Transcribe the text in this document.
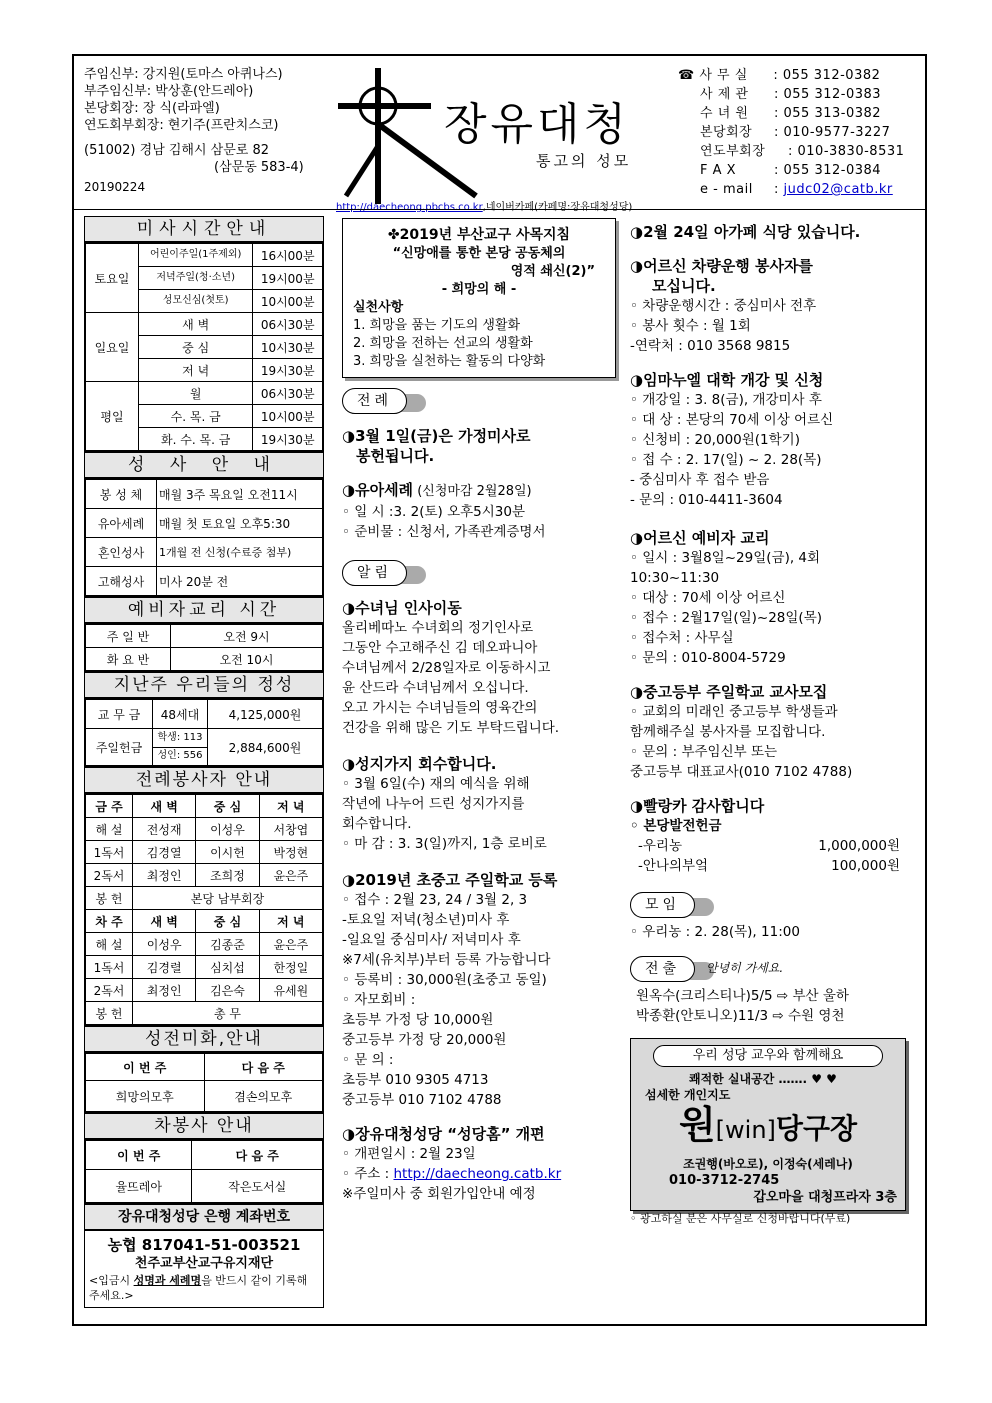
주임신부: 강지원(토마스 아퀴나스)
부주임신부: 박상훈(안드레아)
본당회장: 장 식(라파엘)
연도회부회장: 현기주(프란치스코)
(51002) 경남 김해시 삼문로 82
(삼문동 583-4)
20190224
장유대청
통고의 성모
http://daecheong.pbcbs.co.kr,네이버카페(카페명:장유대청성당)
☎ 사 무 실 : 055 312-0382
사 제 관 : 055 312-0383
수 녀 원 : 055 313-0382
본당회장 : 010-9577-3227
연도부회장 : 010-3830-8531
F A X	: 055 312-0384
e - mail : judc02@catb.kr
미사시간안내
토요일	어린이주일(1주제외)	16시00분
	저녁주일(청·소년)	19시00분
	성모신심(첫토)	10시00분
일요일	새 벽	06시30분
	중 심	10시30분
	저 녁	19시30분
평일	월	06시30분
	수. 목. 금	10시00분
	화. 수. 목. 금	19시30분
성 사 안 내
봉 성 체	매월 3주 목요일 오전11시
유아세례	매월 첫 토요일 오후5:30
혼인성사	1개월 전 신청(수료증 첨부)
고해성사	미사 20분 전
예비자교리 시간
주 일 반	오전 9시
화 요 반	오전 10시
지난주 우리들의 정성
교 무 금	48세대	4,125,000원
주일헌금	학생: 113	2,884,600원
	성인: 556	
전례봉사자 안내
금 주	새 벽	중 심	저 녁
해 설	전성재	이성우	서창엽
1독서	김경열	이시헌	박정현
2독서	최정인	조희정	윤은주
봉 헌	본당 남부회장		
차 주	새 벽	중 심	저 녁
해 설	이성우	김종준	윤은주
1독서	김경렬	심치섭	한정일
2독서	최정인	김은숙	유세원
봉 헌	총 무		
성전미화,안내
이 번 주	다 음 주
희망의모후	겸손의모후
차봉사 안내
이 번 주	다 음 주
율뜨레아	작은도서실
장유대청성당 은행 계좌번호
농협 817041-51-003521
천주교부산교구유지재단
<입금시 성명과 세례명을 반드시 같이 기록해 주세요.>
✤2019년 부산교구 사목지침
“신망애를 통한 본당 공동체의
영적 쇄신(2)”
- 희망의 해 -
실천사항
1. 희망을 품는 기도의 생활화
2. 희망을 전하는 선교의 생활화
3. 희망을 실천하는 활동의 다양화
전례
◑3월 1일(금)은 가정미사로
봉헌됩니다.
◑유아세례 (신청마감 2월28일)
◦ 일 시 :3. 2(토) 오후5시30분
◦ 준비물 : 신청서, 가족관계증명서
알림
◑수녀님 인사이동
올리베따노 수녀회의 정기인사로
그동안 수고해주신 김 데오파니아
수녀님께서 2/28일자로 이동하시고
윤 산드라 수녀님께서 오십니다.
오고 가시는 수녀님들의 영육간의
건강을 위해 많은 기도 부탁드립니다.
◑성지가지 회수합니다.
◦ 3월 6일(수) 재의 예식을 위해
작년에 나누어 드린 성지가지를
회수합니다.
◦ 마 감 : 3. 3(일)까지, 1층 로비로
◑2019년 초중고 주일학교 등록
◦ 접수 : 2월 23, 24 / 3월 2, 3
-토요일 저녁(청소년)미사 후
-일요일 중심미사/ 저녁미사 후
※7세(유치부)부터 등록 가능합니다
◦ 등록비 : 30,000원(초중고 동일)
◦ 자모회비 :
초등부 가정 당 10,000원
중고등부 가정 당 20,000원
◦ 문 의 :
초등부 010 9305 4713
중고등부 010 7102 4788
◑장유대청성당 “성당홈” 개편
◦ 개편일시 : 2월 23일
◦ 주소 : http://daecheong.catb.kr
※주일미사 중 회원가입안내 예정
◑2월 24일 아가페 식당 있습니다.
◑어르신 차량운행 봉사자를
모십니다.
◦ 차량운행시간 : 중심미사 전후
◦ 봉사 횟수 : 월 1회
-연락처 : 010 3568 9815
◑임마누엘 대학 개강 및 신청
◦ 개강일 : 3. 8(금), 개강미사 후
◦ 대 상 : 본당의 70세 이상 어르신
◦ 신청비 : 20,000원(1학기)
◦ 접 수 : 2. 17(일) ~ 2. 28(목)
- 중심미사 후 접수 받음
- 문의 : 010-4411-3604
◑어르신 예비자 교리
◦ 일시 : 3월8일~29일(금), 4회
10:30~11:30
◦ 대상 : 70세 이상 어르신
◦ 접수 : 2월17일(일)~28일(목)
◦ 접수처 : 사무실
◦ 문의 : 010-8004-5729
◑중고등부 주일학교 교사모집
◦ 교회의 미래인 중고등부 학생들과
함께해주실 봉사자를 모집합니다.
◦ 문의 : 부주임신부 또는
중고등부 대표교사(010 7102 4788)
◑빨랑카 감사합니다
◦ 본당발전헌금
-우리농	1,000,000원
-안나의부엌	100,000원
모임
◦ 우리농 : 2. 28(목), 11:00
전출 안녕히 가세요.
원옥수(크리스티나)5/5 ⇨ 부산 울하
박종환(안토니오)11/3 ⇨ 수원 영천
우리 성당 교우와 함께해요
쾌적한 실내공간 ……. ♥ ♥
섬세한 개인지도
원[win]당구장
조권행(바오로), 이정숙(세레나)
010-3712-2745
갑오마을 대청프라자 3층
◦ 광고하실 분은 사무실로 신청바랍니다(무료)
